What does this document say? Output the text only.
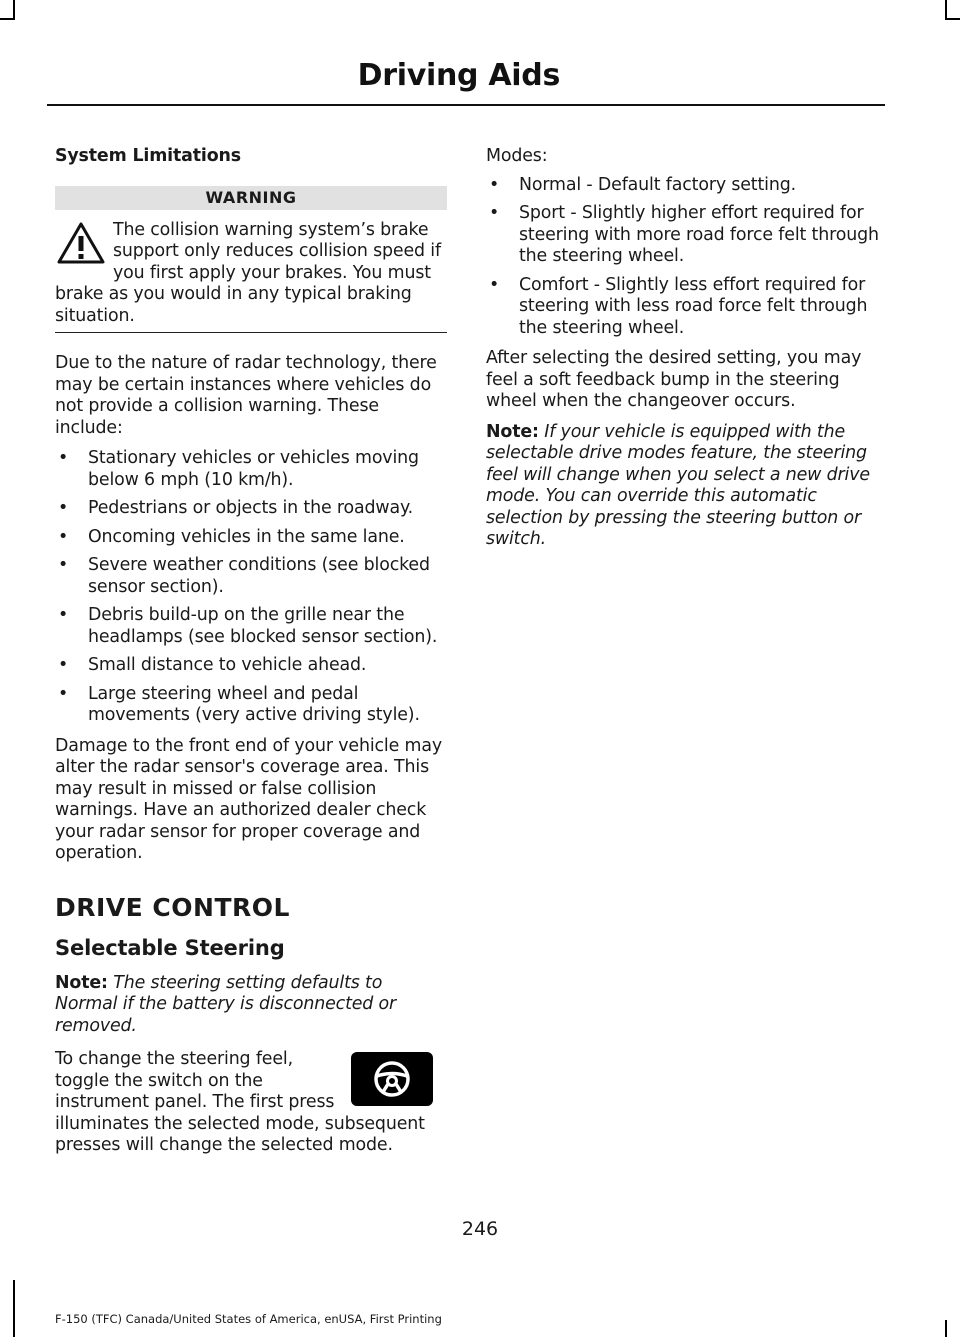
Driving Aids
System Limitations
WARNING

The collision warning system’s brake support only reduces collision speed if you first apply your brakes. You must brake as you would in any typical braking situation.

Due to the nature of radar technology, there may be certain instances where vehicles do not provide a collision warning. These include:

• Stationary vehicles or vehicles moving below 6 mph (10 km/h).
• Pedestrians or objects in the roadway.
• Oncoming vehicles in the same lane.
• Severe weather conditions (see blocked sensor section).
• Debris build-up on the grille near the headlamps (see blocked sensor section).
• Small distance to vehicle ahead.
• Large steering wheel and pedal movements (very active driving style).

Damage to the front end of your vehicle may alter the radar sensor's coverage area. This may result in missed or false collision warnings. Have an authorized dealer check your radar sensor for proper coverage and operation.

DRIVE CONTROL
Selectable Steering

Note: The steering setting defaults to Normal if the battery is disconnected or removed.

To change the steering feel, toggle the switch on the instrument panel. The first press illuminates the selected mode, subsequent presses will change the selected mode.

Modes:

• Normal - Default factory setting.
• Sport - Slightly higher effort required for steering with more road force felt through the steering wheel.
• Comfort - Slightly less effort required for steering with less road force felt through the steering wheel.

After selecting the desired setting, you may feel a soft feedback bump in the steering wheel when the changeover occurs.

Note: If your vehicle is equipped with the selectable drive modes feature, the steering feel will change when you select a new drive mode. You can override this automatic selection by pressing the steering button or switch.

246
F-150 (TFC) Canada/United States of America, enUSA, First Printing
